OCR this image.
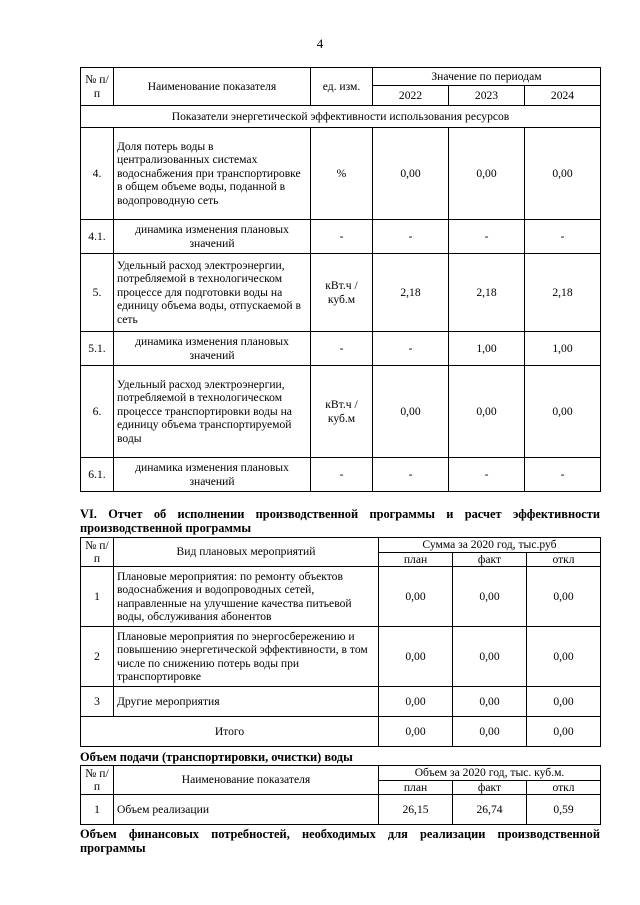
4
№ п/п	Наименование показателя	ед. изм.	Значение по периодам		
			2022	2023	2024
Показатели энергетической эффективности использования ресурсов					
4.	Доля потерь воды в централизованных системах водоснабжения при транспортировке в общем объеме воды, поданной в водопроводную сеть	%	0,00	0,00	0,00
4.1.	динамика изменения плановых значений	-	-	-	-
5.	Удельный расход электроэнергии, потребляемой в технологическом процессе для подготовки воды на единицу объема воды, отпускаемой в сеть	кВт.ч / куб.м	2,18	2,18	2,18
5.1.	динамика изменения плановых значений	-	-	1,00	1,00
6.	Удельный расход электроэнергии, потребляемой в технологическом процессе транспортировки воды на единицу объема транспортируемой воды	кВт.ч / куб.м	0,00	0,00	0,00
6.1.	динамика изменения плановых значений	-	-	-	-
VI. Отчет об исполнении производственной программы и расчет эффективности производственной программы
№ п/п	Вид плановых мероприятий	Сумма за 2020 год, тыс.руб		
		план	факт	откл
1	Плановые мероприятия: по ремонту объектов водоснабжения и водопроводных сетей, направленные на улучшение качества питьевой воды, обслуживания абонентов	0,00	0,00	0,00
2	Плановые мероприятия по энергосбережению и повышению энергетической эффективности, в том числе по снижению потерь воды при транспортировке	0,00	0,00	0,00
3	Другие мероприятия	0,00	0,00	0,00
Итого		0,00	0,00	0,00
Объем подачи (транспортировки, очистки) воды
№ п/п	Наименование показателя	Объем за 2020 год, тыс. куб.м.		
		план	факт	откл
1	Объем реализации	26,15	26,74	0,59
Объем финансовых потребностей, необходимых для реализации производственной программы
